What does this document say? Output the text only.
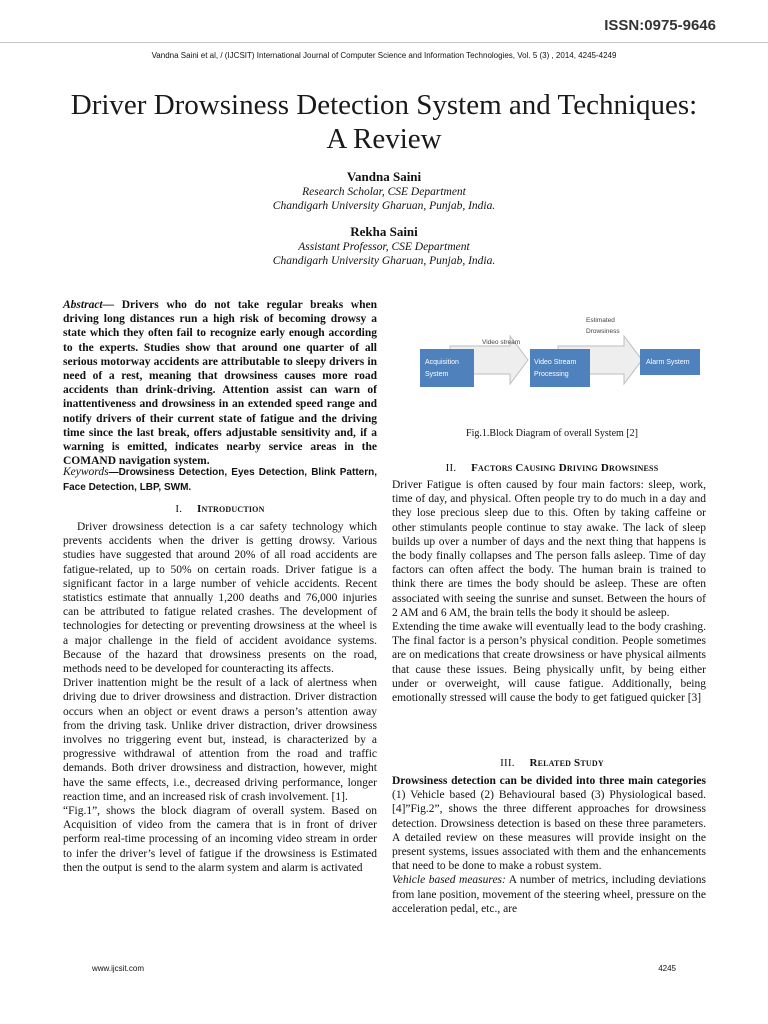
ISSN:0975-9646
Vandna Saini et al, / (IJCSIT) International Journal of Computer Science and Information Technologies, Vol. 5 (3) , 2014, 4245-4249
Driver Drowsiness Detection System and Techniques: A Review
Vandna Saini
Research Scholar, CSE Department
Chandigarh University Gharuan, Punjab, India.
Rekha Saini
Assistant Professor, CSE Department
Chandigarh University Gharuan, Punjab, India.

Abstract— Drivers who do not take regular breaks when driving long distances run a high risk of becoming drowsy a state which they often fail to recognize early enough according to the experts. Studies show that around one quarter of all serious motorway accidents are attributable to sleepy drivers in need of a rest, meaning that drowsiness causes more road accidents than drink-driving. Attention assist can warn of inattentiveness and drowsiness in an extended speed range and notify drivers of their current state of fatigue and the driving time since the last break, offers adjustable sensitivity and, if a warning is emitted, indicates nearby service areas in the COMAND navigation system.

Keywords—Drowsiness Detection, Eyes Detection, Blink Pattern, Face Detection, LBP, SWM.

I. Introduction

Driver drowsiness detection is a car safety technology which prevents accidents when the driver is getting drowsy. Various studies have suggested that around 20% of all road accidents are fatigue-related, up to 50% on certain roads. Driver fatigue is a significant factor in a large number of vehicle accidents. Recent statistics estimate that annually 1,200 deaths and 76,000 injuries can be attributed to fatigue related crashes. The development of technologies for detecting or preventing drowsiness at the wheel is a major challenge in the field of accident avoidance systems. Because of the hazard that drowsiness presents on the road, methods need to be developed for counteracting its affects.

Driver inattention might be the result of a lack of alertness when driving due to driver drowsiness and distraction. Driver distraction occurs when an object or event draws a person’s attention away from the driving task. Unlike driver distraction, driver drowsiness involves no triggering event but, instead, is characterized by a progressive withdrawal of attention from the road and traffic demands. Both driver drowsiness and distraction, however, might have the same effects, i.e., decreased driving performance, longer reaction time, and an increased risk of crash involvement. [1].

“Fig.1”, shows the block diagram of overall system. Based on Acquisition of video from the camera that is in front of driver perform real-time processing of an incoming video stream in order to infer the driver’s level of fatigue if the drowsiness is Estimated then the output is send to the alarm system and alarm is activated

Acquisition
System
Video Stream
Processing
Alarm System
Video stream
Estimated
Drowsiness
Fig.1.Block Diagram of overall System [2]
II. Factors Causing Driving Drowsiness

Driver Fatigue is often caused by four main factors: sleep, work, time of day, and physical. Often people try to do much in a day and they lose precious sleep due to this. Often by taking caffeine or other stimulants people continue to stay awake. The lack of sleep builds up over a number of days and the next thing that happens is the body finally collapses and The person falls asleep. Time of day factors can often affect the body. The human brain is trained to think there are times the body should be asleep. These are often associated with seeing the sunrise and sunset. Between the hours of 2 AM and 6 AM, the brain tells the body it should be asleep.

Extending the time awake will eventually lead to the body crashing. The final factor is a person’s physical condition. People sometimes are on medications that create drowsiness or have physical ailments that cause these issues. Being physically unfit, by being either under or overweight, will cause fatigue. Additionally, being emotionally stressed will cause the body to get fatigued quicker [3]

III. Related Study

Drowsiness detection can be divided into three main categories (1) Vehicle based (2) Behavioural based (3) Physiological based. [4]”Fig.2”, shows the three different approaches for drowsiness detection. Drowsiness detection is based on these three parameters. A detailed review on these measures will provide insight on the present systems, issues associated with them and the enhancements that need to be done to make a robust system.

Vehicle based measures: A number of metrics, including deviations from lane position, movement of the steering wheel, pressure on the acceleration pedal, etc., are

www.ijcsit.com	4245
